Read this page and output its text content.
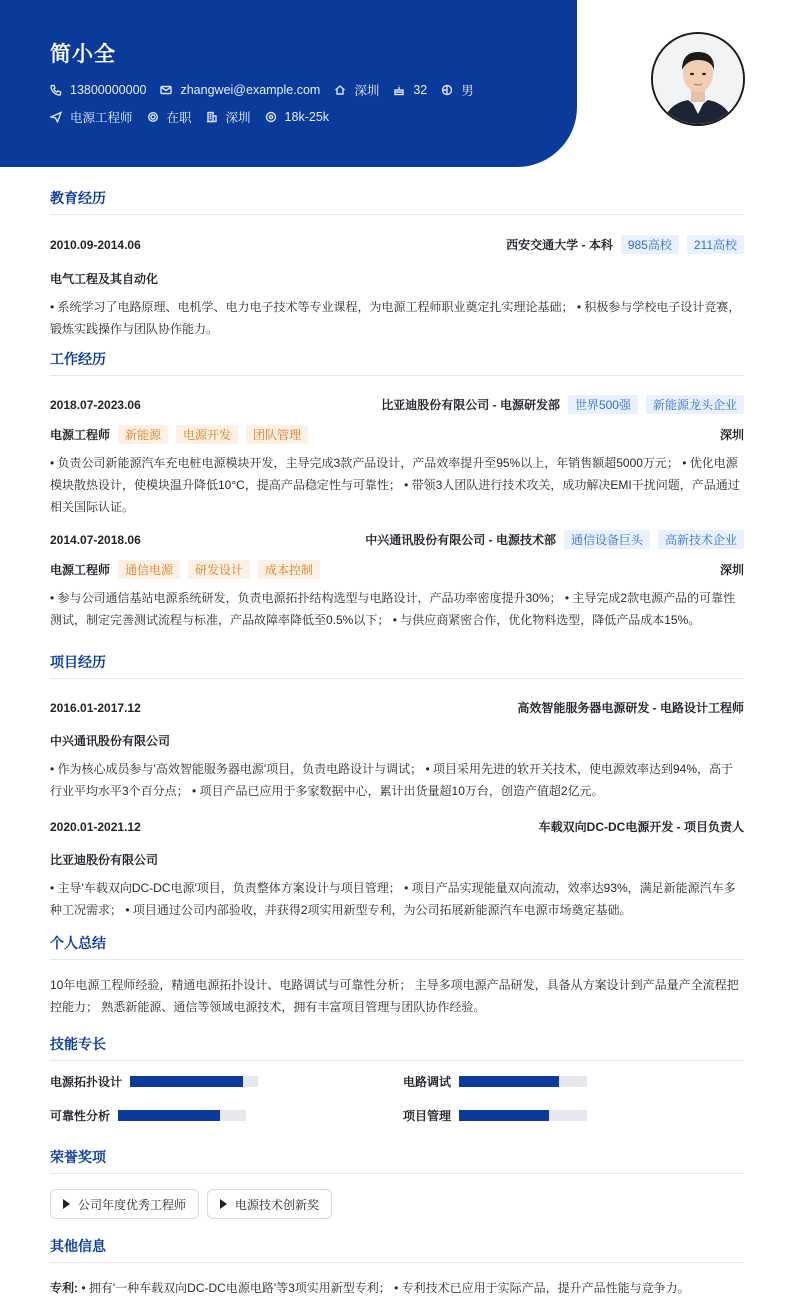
简小全
13800000000	zhangwei@example.com	深圳	32	男
电源工程师	在职	深圳	18k-25k
教育经历
2010.09-2014.06	西安交通大学 - 本科 985高校 211高校
电气工程及其自动化
• 系统学习了电路原理、电机学、电力电子技术等专业课程，为电源工程师职业奠定扎实理论基础； • 积极参与学校电子设计竞赛，锻炼实践操作与团队协作能力。
工作经历
2018.07-2023.06	比亚迪股份有限公司 - 电源研发部 世界500强 新能源龙头企业
电源工程师 新能源 电源开发 团队管理	深圳
• 负责公司新能源汽车充电桩电源模块开发，主导完成3款产品设计，产品效率提升至95%以上，年销售额超5000万元； • 优化电源模块散热设计，使模块温升降低10°C，提高产品稳定性与可靠性； • 带领3人团队进行技术攻关，成功解决EMI干扰问题，产品通过相关国际认证。
2014.07-2018.06	中兴通讯股份有限公司 - 电源技术部 通信设备巨头 高新技术企业
电源工程师 通信电源 研发设计 成本控制	深圳
• 参与公司通信基站电源系统研发，负责电源拓扑结构选型与电路设计，产品功率密度提升30%； • 主导完成2款电源产品的可靠性测试，制定完善测试流程与标准，产品故障率降低至0.5%以下； • 与供应商紧密合作，优化物料选型，降低产品成本15%。
项目经历
2016.01-2017.12	高效智能服务器电源研发 - 电路设计工程师
中兴通讯股份有限公司
• 作为核心成员参与'高效智能服务器电源'项目，负责电路设计与调试； • 项目采用先进的软开关技术，使电源效率达到94%，高于行业平均水平3个百分点； • 项目产品已应用于多家数据中心，累计出货量超10万台，创造产值超2亿元。
2020.01-2021.12	车载双向DC-DC电源开发 - 项目负责人
比亚迪股份有限公司
• 主导'车载双向DC-DC电源'项目，负责整体方案设计与项目管理； • 项目产品实现能量双向流动，效率达93%，满足新能源汽车多种工况需求； • 项目通过公司内部验收，并获得2项实用新型专利，为公司拓展新能源汽车电源市场奠定基础。
个人总结
10年电源工程师经验，精通电源拓扑设计、电路调试与可靠性分析； 主导多项电源产品研发，具备从方案设计到产品量产全流程把控能力； 熟悉新能源、通信等领域电源技术，拥有丰富项目管理与团队协作经验。
技能专长
电源拓扑设计	电路调试
可靠性分析	项目管理
荣誉奖项
公司年度优秀工程师	电源技术创新奖
其他信息
专利: • 拥有'一种车载双向DC-DC电源电路'等3项实用新型专利； • 专利技术已应用于实际产品，提升产品性能与竞争力。
